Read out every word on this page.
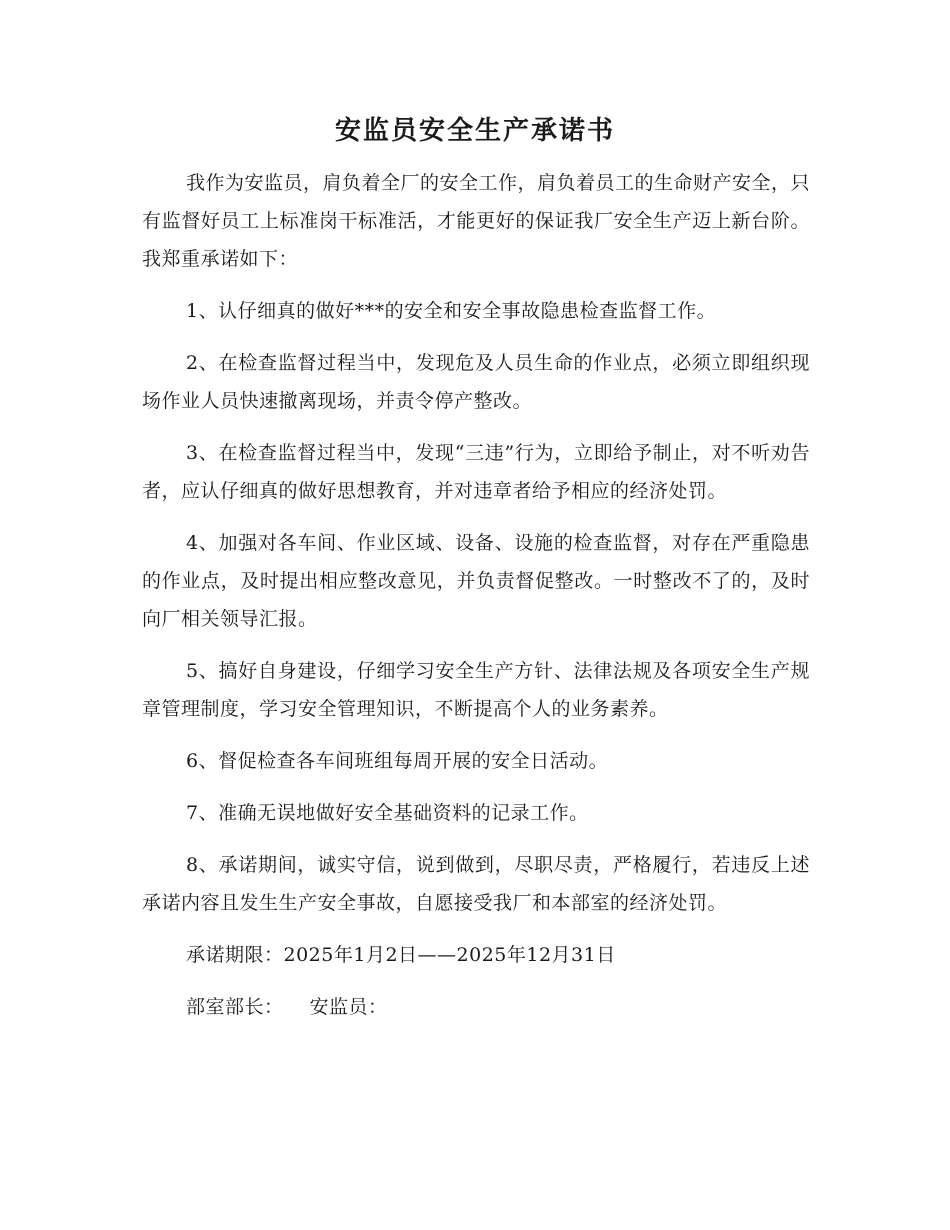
安监员安全生产承诺书

我作为安监员，肩负着全厂的安全工作，肩负着员工的生命财产安全，只有监督好员工上标准岗干标准活，才能更好的保证我厂安全生产迈上新台阶。我郑重承诺如下：

1、认仔细真的做好***的安全和安全事故隐患检查监督工作。

2、在检查监督过程当中，发现危及人员生命的作业点，必须立即组织现场作业人员快速撤离现场，并责令停产整改。

3、在检查监督过程当中，发现“三违”行为，立即给予制止，对不听劝告者，应认仔细真的做好思想教育，并对违章者给予相应的经济处罚。

4、加强对各车间、作业区域、设备、设施的检查监督，对存在严重隐患的作业点，及时提出相应整改意见，并负责督促整改。一时整改不了的，及时向厂相关领导汇报。

5、搞好自身建设，仔细学习安全生产方针、法律法规及各项安全生产规章管理制度，学习安全管理知识，不断提高个人的业务素养。

6、督促检查各车间班组每周开展的安全日活动。

7、准确无误地做好安全基础资料的记录工作。

8、承诺期间，诚实守信，说到做到，尽职尽责，严格履行，若违反上述承诺内容且发生生产安全事故，自愿接受我厂和本部室的经济处罚。

承诺期限：2025年1月2日——2025年12月31日

部室部长： 安监员：
